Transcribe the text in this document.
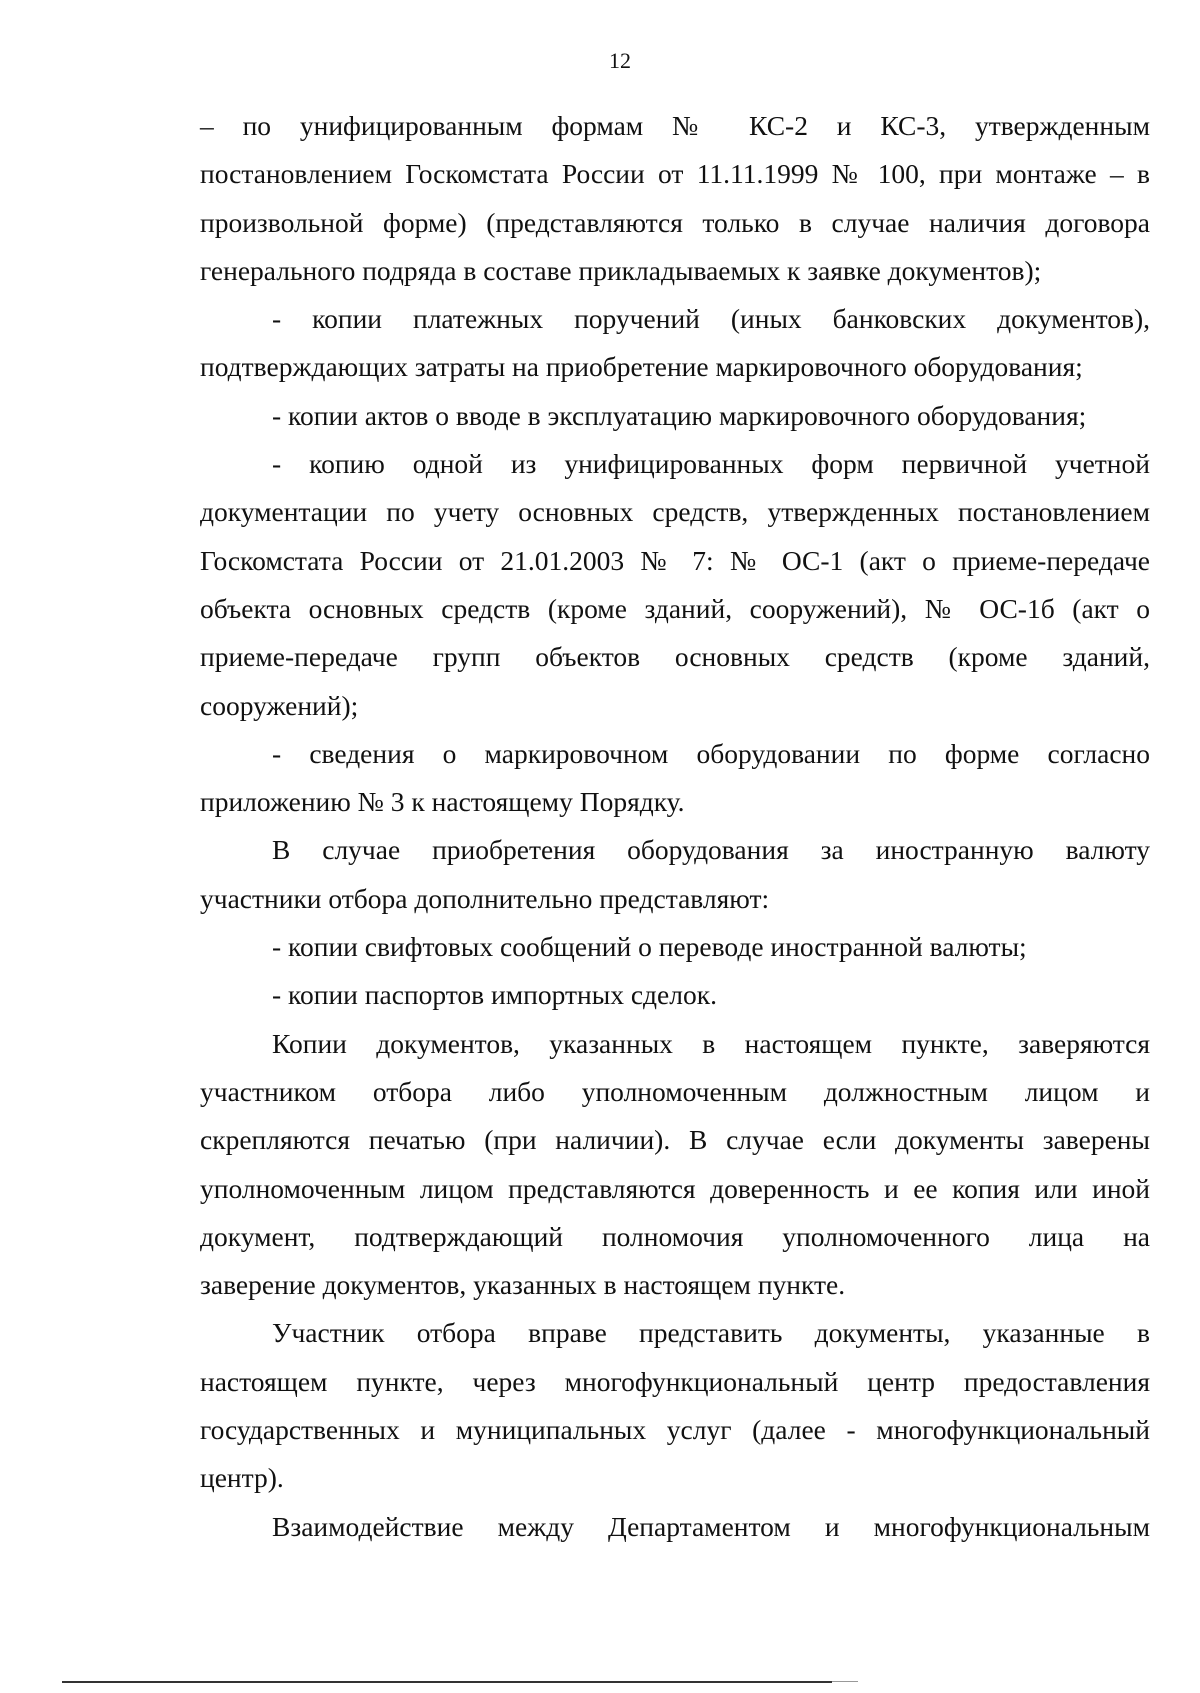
12

– по унифицированным формам № КС-2 и КС-3, утвержденным

постановлением Госкомстата России от 11.11.1999 № 100, при монтаже – в

произвольной форме) (представляются только в случае наличия договора

генерального подряда в составе прикладываемых к заявке документов);

- копии платежных поручений (иных банковских документов),

подтверждающих затраты на приобретение маркировочного оборудования;

- копии актов о вводе в эксплуатацию маркировочного оборудования;

- копию одной из унифицированных форм первичной учетной

документации по учету основных средств, утвержденных постановлением

Госкомстата России от 21.01.2003 № 7: № ОС-1 (акт о приеме-передаче

объекта основных средств (кроме зданий, сооружений), № ОС-1б (акт о

приеме-передаче групп объектов основных средств (кроме зданий,

сооружений);

- сведения о маркировочном оборудовании по форме согласно

приложению № 3 к настоящему Порядку.

В случае приобретения оборудования за иностранную валюту

участники отбора дополнительно представляют:

- копии свифтовых сообщений о переводе иностранной валюты;

- копии паспортов импортных сделок.

Копии документов, указанных в настоящем пункте, заверяются

участником отбора либо уполномоченным должностным лицом и

скрепляются печатью (при наличии). В случае если документы заверены

уполномоченным лицом представляются доверенность и ее копия или иной

документ, подтверждающий полномочия уполномоченного лица на

заверение документов, указанных в настоящем пункте.

Участник отбора вправе представить документы, указанные в

настоящем пункте, через многофункциональный центр предоставления

государственных и муниципальных услуг (далее - многофункциональный

центр).

Взаимодействие между Департаментом и многофункциональным
